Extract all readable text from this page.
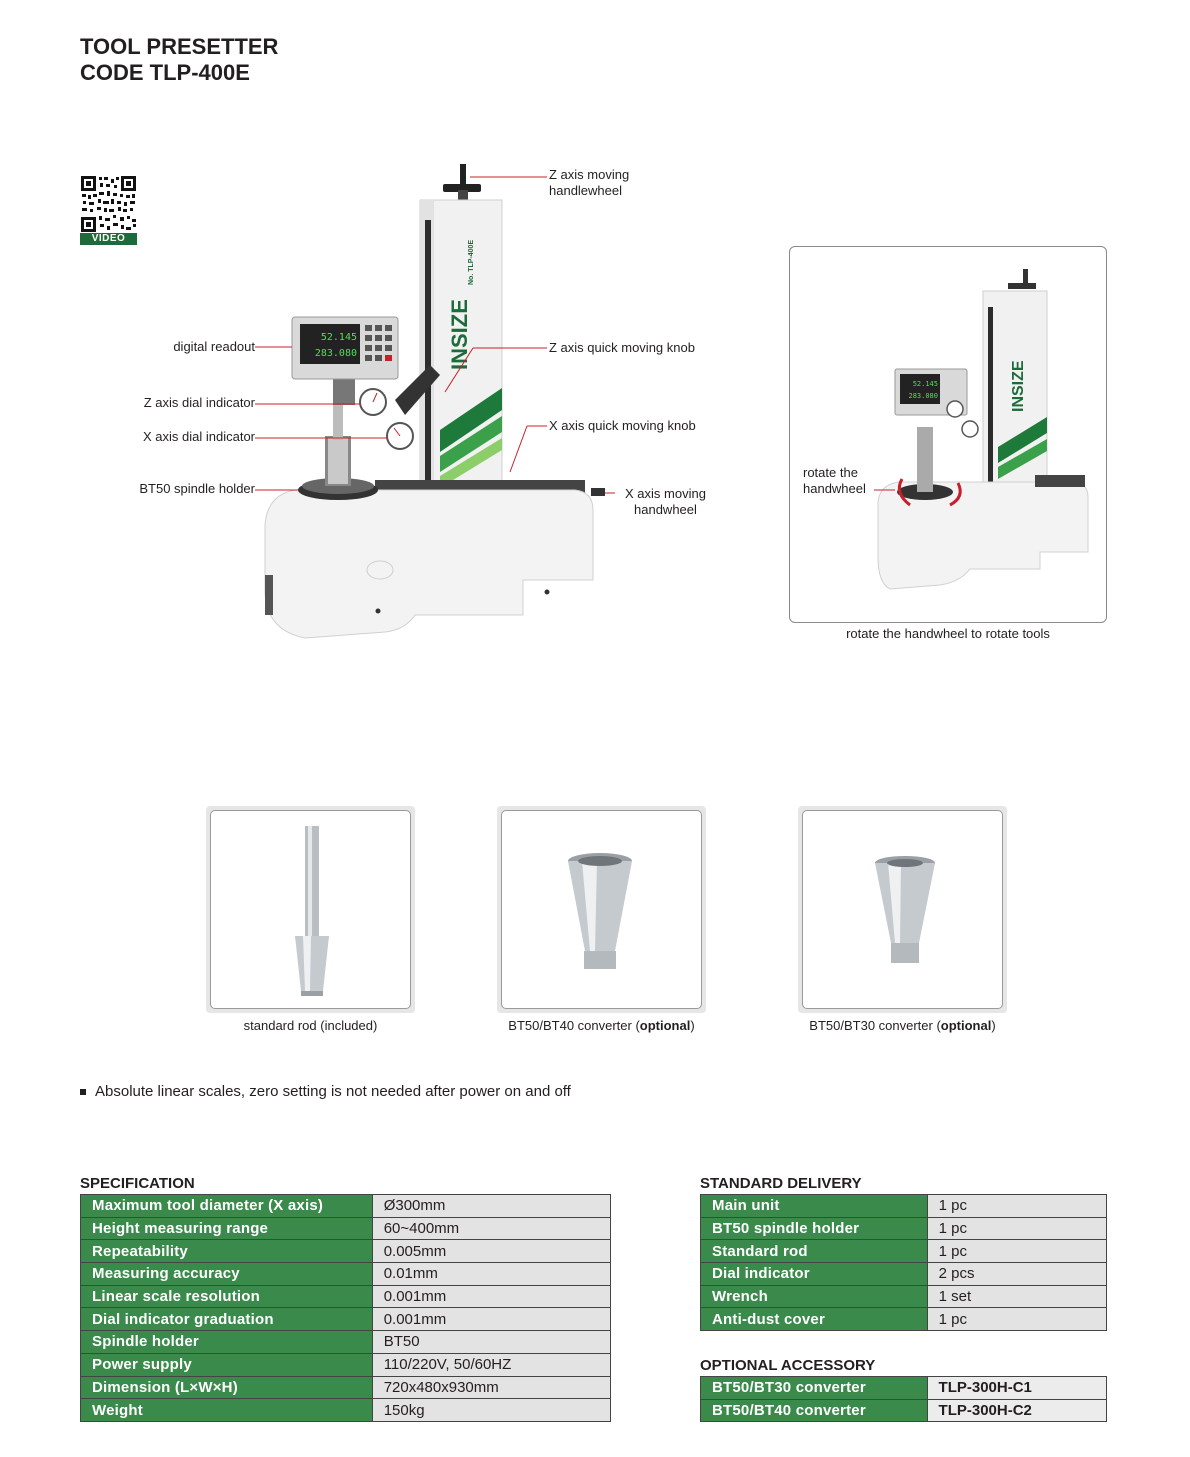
TOOL PRESETTER
CODE TLP-400E
VIDEO
INSIZE
No. TLP-400E
52.145
283.080
Z axis moving
handlewheel
digital readout	Z axis quick moving knob
Z axis dial indicator
X axis quick moving knob
X axis dial indicator
BT50 spindle holder	X axis moving
handwheel
INSIZE
52.145
283.080
rotate the
handwheel
rotate the handwheel to rotate tools
standard rod (included)	BT50/BT40 converter (optional)	BT50/BT30 converter (optional)
Absolute linear scales, zero setting is not needed after power on and off
SPECIFICATION
Maximum tool diameter (X axis)	Ø300mm
Height measuring range	60~400mm
Repeatability	0.005mm
Measuring accuracy	0.01mm
Linear scale resolution	0.001mm
Dial indicator graduation	0.001mm
Spindle holder	BT50
Power supply	110/220V, 50/60HZ
Dimension (L×W×H)	720x480x930mm
Weight	150kg
STANDARD DELIVERY
Main unit	1 pc
BT50 spindle holder	1 pc
Standard rod	1 pc
Dial indicator	2 pcs
Wrench	1 set
Anti-dust cover	1 pc
OPTIONAL ACCESSORY
BT50/BT30 converter	TLP-300H-C1
BT50/BT40 converter	TLP-300H-C2
